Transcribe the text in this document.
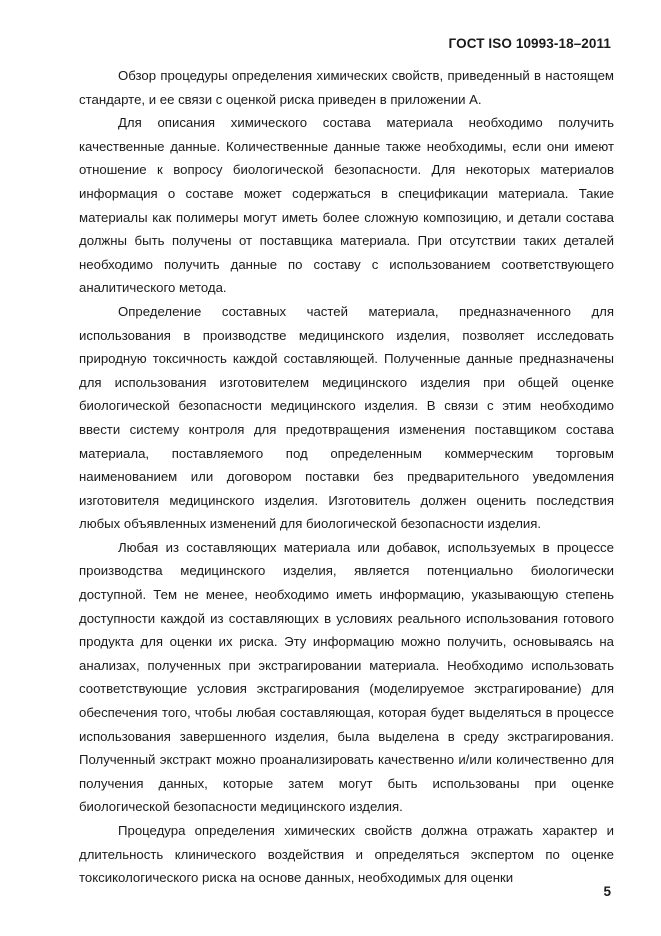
ГОСТ ISO 10993-18–2011

Обзор процедуры определения химических свойств, приведенный в настоящем стандарте, и ее связи с оценкой риска приведен в приложении А.

Для описания химического состава материала необходимо получить качественные данные. Количественные данные также необходимы, если они имеют отношение к вопросу биологической безопасности. Для некоторых материалов информация о составе может содержаться в спецификации материала. Такие материалы как полимеры могут иметь более сложную композицию, и детали состава должны быть получены от поставщика материала. При отсутствии таких деталей необходимо получить данные по составу с использованием соответствующего аналитического метода.

Определение составных частей материала, предназначенного для использования в производстве медицинского изделия, позволяет исследовать природную токсичность каждой составляющей. Полученные данные предназначены для использования изготовителем медицинского изделия при общей оценке биологической безопасности медицинского изделия. В связи с этим необходимо ввести систему контроля для предотвращения изменения поставщиком состава материала, поставляемого под определенным коммерческим торговым наименованием или договором поставки без предварительного уведомления изготовителя медицинского изделия. Изготовитель должен оценить последствия любых объявленных изменений для биологической безопасности изделия.

Любая из составляющих материала или добавок, используемых в процессе производства медицинского изделия, является потенциально биологически доступной. Тем не менее, необходимо иметь информацию, указывающую степень доступности каждой из составляющих в условиях реального использования готового продукта для оценки их риска. Эту информацию можно получить, основываясь на анализах, полученных при экстрагировании материала. Необходимо использовать соответствующие условия экстрагирования (моделируемое экстрагирование) для обеспечения того, чтобы любая составляющая, которая будет выделяться в процессе использования завершенного изделия, была выделена в среду экстрагирования. Полученный экстракт можно проанализировать качественно и/или количественно для получения данных, которые затем могут быть использованы при оценке биологической безопасности медицинского изделия.

Процедура определения химических свойств должна отражать характер и длительность клинического воздействия и определяться экспертом по оценке токсикологического риска на основе данных, необходимых для оценки

5
